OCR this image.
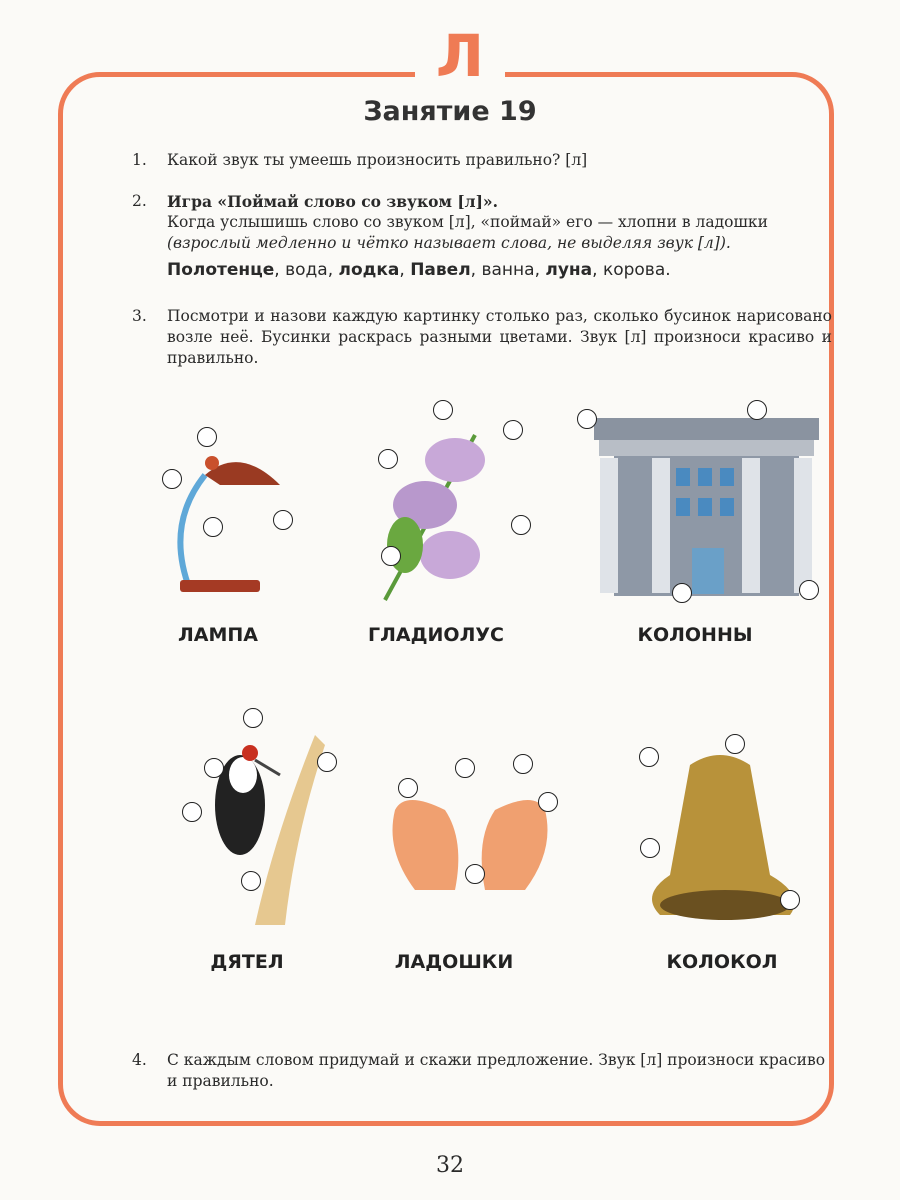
Л
Занятие 19
1. Какой звук ты умеешь произносить правильно? [л]
2. Игра «Поймай слово со звуком [л]».
Когда услышишь слово со звуком [л], «поймай» его — хлопни в ладошки
(взрослый медленно и чётко называет слова, не выделяя звук [л]).
Полотенце, вода, лодка, Павел, ванна, луна, корова.
3. Посмотри и назови каждую картинку столько раз, сколько бусинок нарисовано возле неё. Бусинки раскрась разными цветами. Звук [л] произноси красиво и правильно.
ЛАМПА	ГЛАДИОЛУС	КОЛОННЫ
ДЯТЕЛ	ЛАДОШКИ	КОЛОКОЛ
4. С каждым словом придумай и скажи предложение. Звук [л] произноси красиво и правильно.
32
